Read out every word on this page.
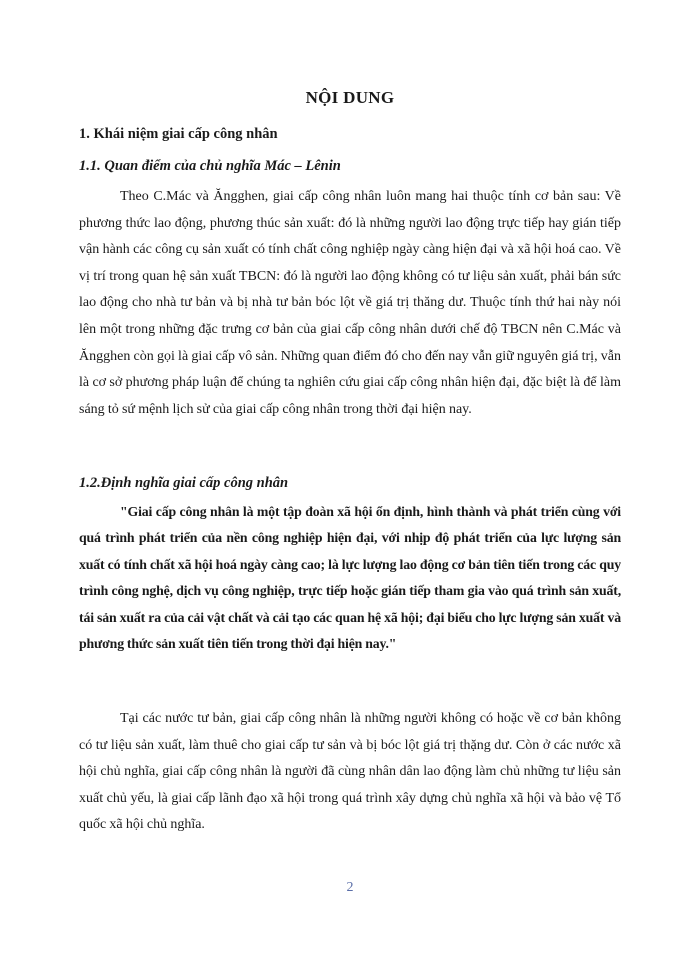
NỘI DUNG
1. Khái niệm giai cấp công nhân
1.1. Quan điểm của chủ nghĩa Mác – Lênin

Theo C.Mác và Ăngghen, giai cấp công nhân luôn mang hai thuộc tính cơ bản sau: Về phương thức lao động, phương thúc sản xuất: đó là những người lao động trực tiếp hay gián tiếp vận hành các công cụ sản xuất có tính chất công nghiệp ngày càng hiện đại và xã hội hoá cao. Về vị trí trong quan hệ sản xuất TBCN: đó là người lao động không có tư liệu sản xuất, phải bán sức lao động cho nhà tư bản và bị nhà tư bản bóc lột về giá trị thăng dư. Thuộc tính thứ hai này nói lên một trong những đặc trưng cơ bản của giai cấp công nhân dưới chế độ TBCN nên C.Mác và Ăngghen còn gọi là giai cấp vô sản. Những quan điểm đó cho đến nay vẫn giữ nguyên giá trị, vẫn là cơ sở phương pháp luận để chúng ta nghiên cứu giai cấp công nhân hiện đại, đặc biệt là để làm sáng tỏ sứ mệnh lịch sử của giai cấp công nhân trong thời đại hiện nay.

1.2.Định nghĩa giai cấp công nhân

"Giai cấp công nhân là một tập đoàn xã hội ổn định, hình thành và phát triển cùng với quá trình phát triển của nền công nghiệp hiện đại, với nhịp độ phát triển của lực lượng sản xuất có tính chất xã hội hoá ngày càng cao; là lực lượng lao động cơ bản tiên tiến trong các quy trình công nghệ, dịch vụ công nghiệp, trực tiếp hoặc gián tiếp tham gia vào quá trình sản xuất, tái sản xuất ra của cải vật chất và cải tạo các quan hệ xã hội; đại biểu cho lực lượng sản xuất và phương thức sản xuất tiên tiến trong thời đại hiện nay."

Tại các nước tư bản, giai cấp công nhân là những người không có hoặc về cơ bản không có tư liệu sản xuất, làm thuê cho giai cấp tư sản và bị bóc lột giá trị thặng dư. Còn ở các nước xã hội chủ nghĩa, giai cấp công nhân là người đã cùng nhân dân lao động làm chủ những tư liệu sản xuất chủ yếu, là giai cấp lãnh đạo xã hội trong quá trình xây dựng chủ nghĩa xã hội và bảo vệ Tổ quốc xã hội chủ nghĩa.

2
